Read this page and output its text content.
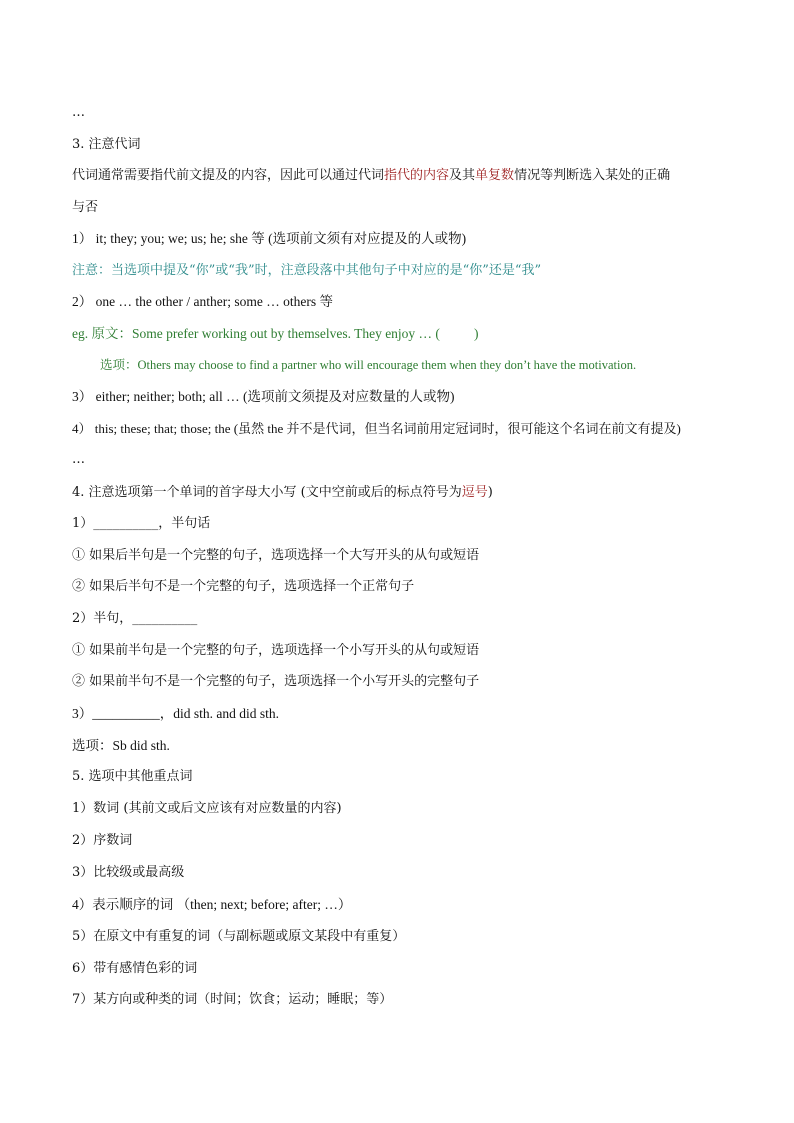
…
3. 注意代词
代词通常需要指代前文提及的内容，因此可以通过代词指代的内容及其单复数情况等判断选入某处的正确
与否
1） it; they; you; we; us; he; she 等 (选项前文须有对应提及的人或物)
注意：当选项中提及“你”或“我”时，注意段落中其他句子中对应的是“你”还是“我”
2） one … the other / anther; some … others 等
eg. 原文：Some prefer working out by themselves. They enjoy … (	)
选项：Others may choose to find a partner who will encourage them when they don’t have the motivation.
3） either; neither; both; all … (选项前文须提及对应数量的人或物)
4） this; these; that; those; the (虽然 the 并不是代词，但当名词前用定冠词时，很可能这个名词在前文有提及)
…
4. 注意选项第一个单词的首字母大小写 (文中空前或后的标点符号为逗号)
1）__________，半句话
① 如果后半句是一个完整的句子，选项选择一个大写开头的从句或短语
② 如果后半句不是一个完整的句子，选项选择一个正常句子
2）半句，__________
① 如果前半句是一个完整的句子，选项选择一个小写开头的从句或短语
② 如果前半句不是一个完整的句子，选项选择一个小写开头的完整句子
3）__________，did sth. and did sth.
选项：Sb did sth.
5. 选项中其他重点词
1）数词 (其前文或后文应该有对应数量的内容)
2）序数词
3）比较级或最高级
4）表示顺序的词 （then; next; before; after; …）
5）在原文中有重复的词（与副标题或原文某段中有重复）
6）带有感情色彩的词
7）某方向或种类的词（时间；饮食；运动；睡眠；等）
